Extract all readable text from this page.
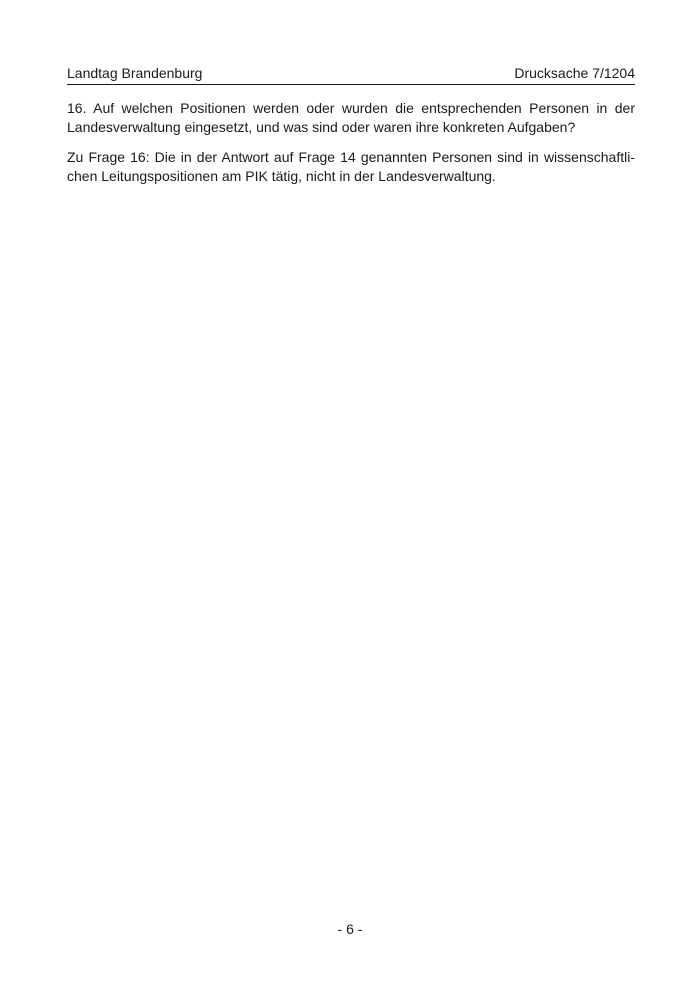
Landtag Brandenburg	Drucksache 7/1204

16. Auf welchen Positionen werden oder wurden die entsprechenden Personen in der Landesverwaltung eingesetzt, und was sind oder waren ihre konkreten Aufgaben?

Zu Frage 16: Die in der Antwort auf Frage 14 genannten Personen sind in wissenschaftlichen Leitungspositionen am PIK tätig, nicht in der Landesverwaltung.

- 6 -
